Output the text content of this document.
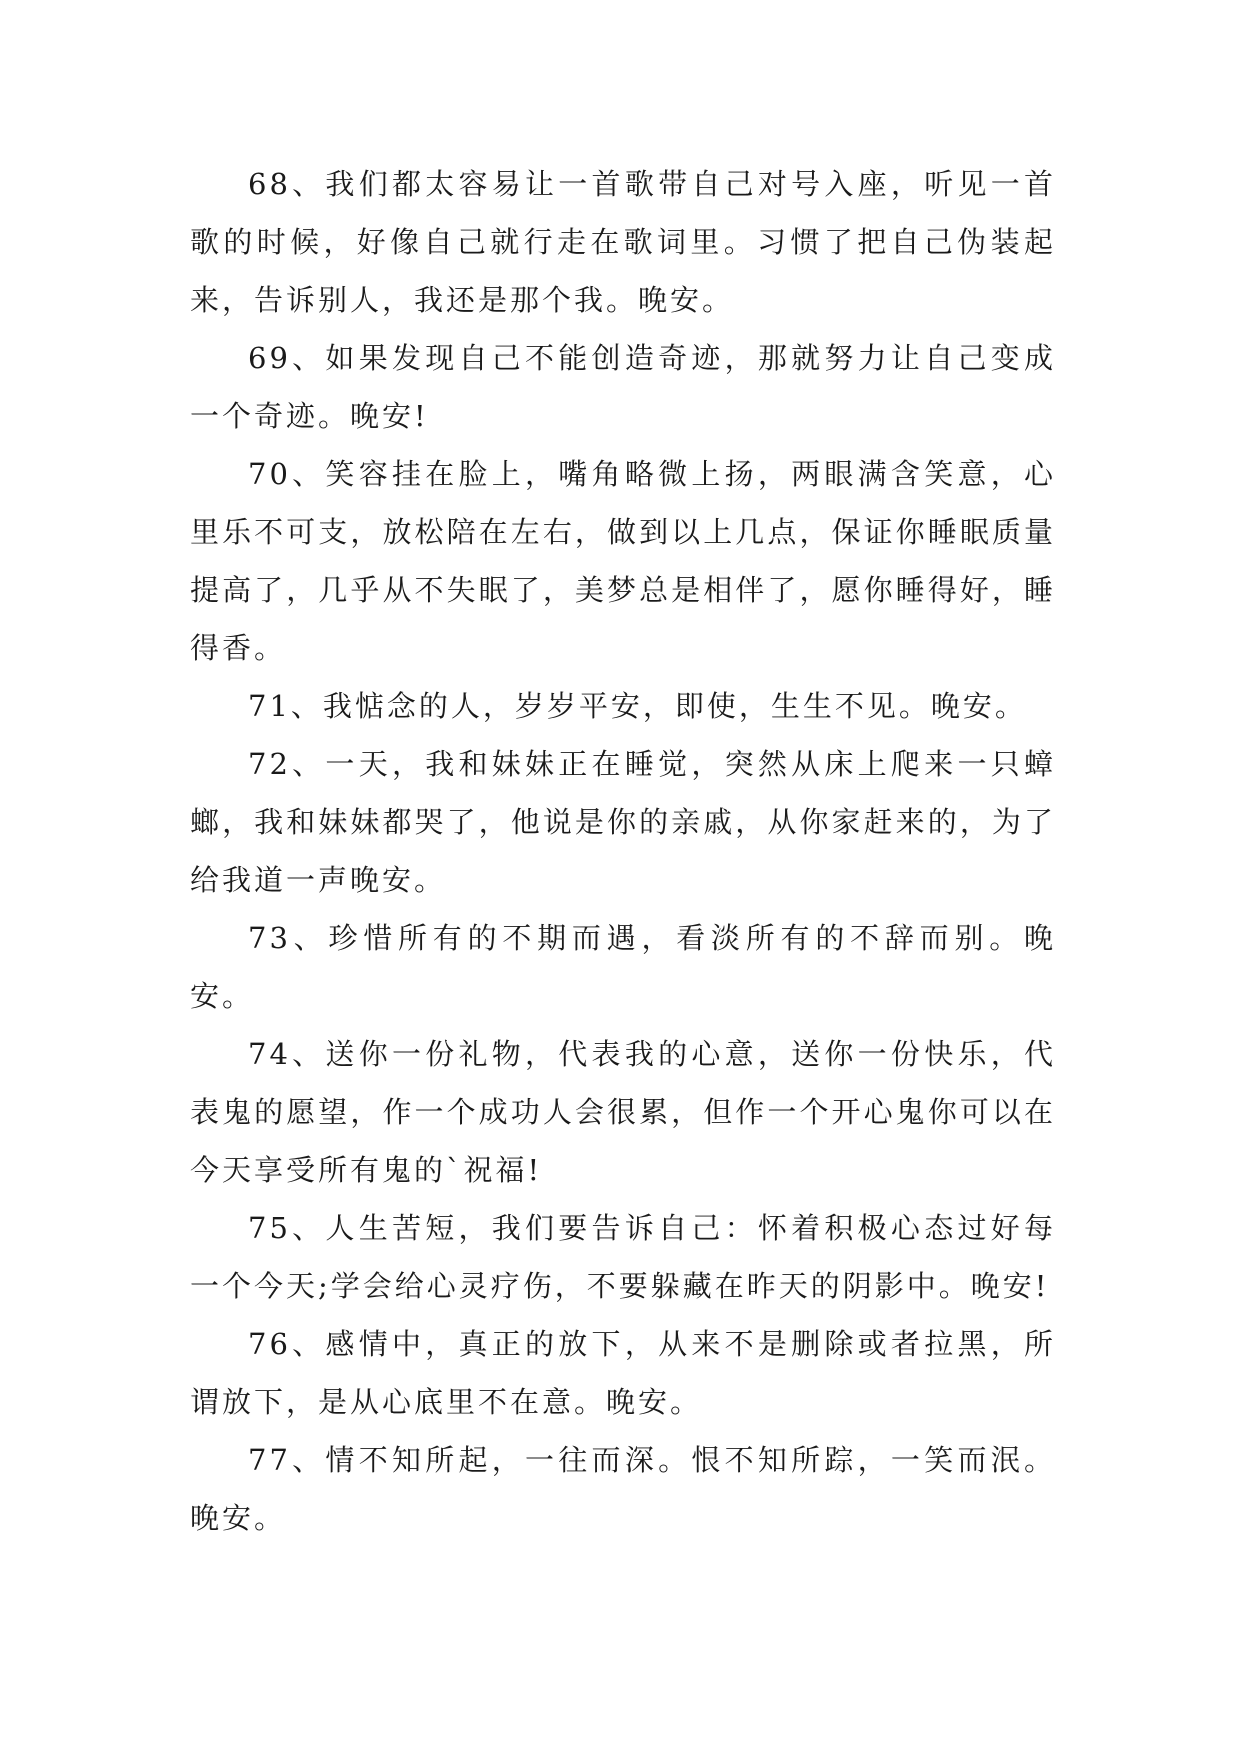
68、我们都太容易让一首歌带自己对号入座，听见一首歌的时候，好像自己就行走在歌词里。习惯了把自己伪装起来，告诉别人，我还是那个我。晚安。

69、如果发现自己不能创造奇迹，那就努力让自己变成一个奇迹。晚安!

70、笑容挂在脸上，嘴角略微上扬，两眼满含笑意，心里乐不可支，放松陪在左右，做到以上几点，保证你睡眠质量提高了，几乎从不失眠了，美梦总是相伴了，愿你睡得好，睡得香。

71、我惦念的人，岁岁平安，即使，生生不见。晚安。

72、一天，我和妹妹正在睡觉，突然从床上爬来一只蟑螂，我和妹妹都哭了，他说是你的亲戚，从你家赶来的，为了给我道一声晚安。

73、珍惜所有的不期而遇，看淡所有的不辞而别。晚安。

74、送你一份礼物，代表我的心意，送你一份快乐，代表鬼的愿望，作一个成功人会很累，但作一个开心鬼你可以在今天享受所有鬼的`祝福!

75、人生苦短，我们要告诉自己：怀着积极心态过好每一个今天;学会给心灵疗伤，不要躲藏在昨天的阴影中。晚安!

76、感情中，真正的放下，从来不是删除或者拉黑，所谓放下，是从心底里不在意。晚安。

77、情不知所起，一往而深。恨不知所踪，一笑而泯。晚安。
